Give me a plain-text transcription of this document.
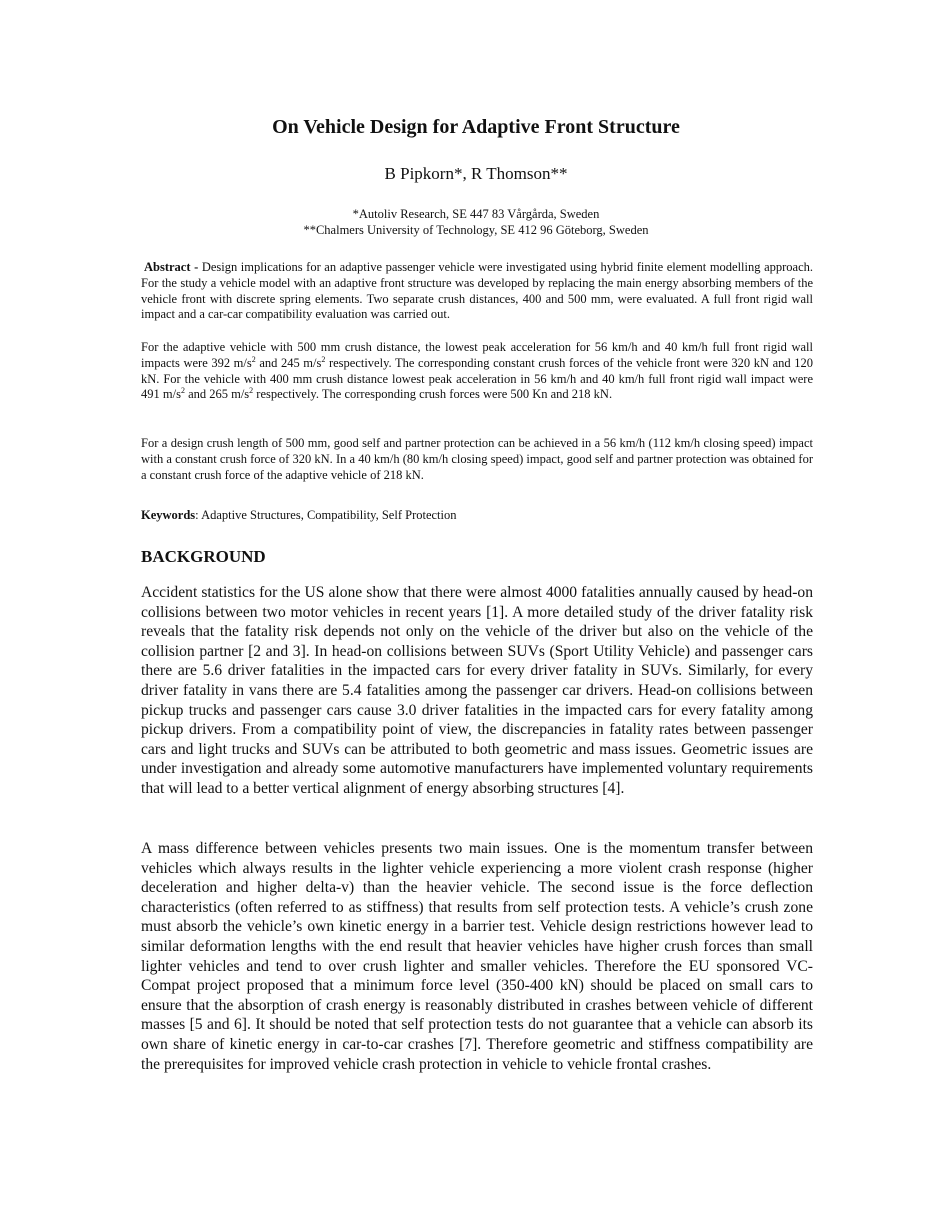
On Vehicle Design for Adaptive Front Structure
B Pipkorn*, R Thomson**
*Autoliv Research, SE 447 83 Vårgårda, Sweden
**Chalmers University of Technology, SE 412 96 Göteborg, Sweden

Abstract - Design implications for an adaptive passenger vehicle were investigated using hybrid finite element modelling approach. For the study a vehicle model with an adaptive front structure was developed by replacing the main energy absorbing members of the vehicle front with discrete spring elements. Two separate crush distances, 400 and 500 mm, were evaluated. A full front rigid wall impact and a car-car compatibility evaluation was carried out.

For the adaptive vehicle with 500 mm crush distance, the lowest peak acceleration for 56 km/h and 40 km/h full front rigid wall impacts were 392 $m/s^2$ and 245 $m/s^2$ respectively. The corresponding constant crush forces of the vehicle front were 320 kN and 120 kN. For the vehicle with 400 mm crush distance lowest peak acceleration in 56 km/h and 40 km/h full front rigid wall impact were 491 $m/s^2$ and 265 $m/s^2$ respectively. The corresponding crush forces were 500 Kn and 218 kN.

For a design crush length of 500 mm, good self and partner protection can be achieved in a 56 km/h (112 km/h closing speed) impact with a constant crush force of 320 kN. In a 40 km/h (80 km/h closing speed) impact, good self and partner protection was obtained for a constant crush force of the adaptive vehicle of 218 kN.

Keywords: Adaptive Structures, Compatibility, Self Protection

BACKGROUND

Accident statistics for the US alone show that there were almost 4000 fatalities annually caused by head-on collisions between two motor vehicles in recent years [1]. A more detailed study of the driver fatality risk reveals that the fatality risk depends not only on the vehicle of the driver but also on the vehicle of the collision partner [2 and 3]. In head-on collisions between SUVs (Sport Utility Vehicle) and passenger cars there are 5.6 driver fatalities in the impacted cars for every driver fatality in SUVs. Similarly, for every driver fatality in vans there are 5.4 fatalities among the passenger car drivers. Head-on collisions between pickup trucks and passenger cars cause 3.0 driver fatalities in the impacted cars for every fatality among pickup drivers. From a compatibility point of view, the discrepancies in fatality rates between passenger cars and light trucks and SUVs can be attributed to both geometric and mass issues. Geometric issues are under investigation and already some automotive manufacturers have implemented voluntary requirements that will lead to a better vertical alignment of energy absorbing structures [4].

A mass difference between vehicles presents two main issues. One is the momentum transfer between vehicles which always results in the lighter vehicle experiencing a more violent crash response (higher deceleration and higher delta-v) than the heavier vehicle. The second issue is the force deflection characteristics (often referred to as stiffness) that results from self protection tests. A vehicle’s crush zone must absorb the vehicle’s own kinetic energy in a barrier test. Vehicle design restrictions however lead to similar deformation lengths with the end result that heavier vehicles have higher crush forces than small lighter vehicles and tend to over crush lighter and smaller vehicles. Therefore the EU sponsored VC-Compat project proposed that a minimum force level (350-400 kN) should be placed on small cars to ensure that the absorption of crash energy is reasonably distributed in crashes between vehicle of different masses [5 and 6]. It should be noted that self protection tests do not guarantee that a vehicle can absorb its own share of kinetic energy in car-to-car crashes [7]. Therefore geometric and stiffness compatibility are the prerequisites for improved vehicle crash protection in vehicle to vehicle frontal crashes.
